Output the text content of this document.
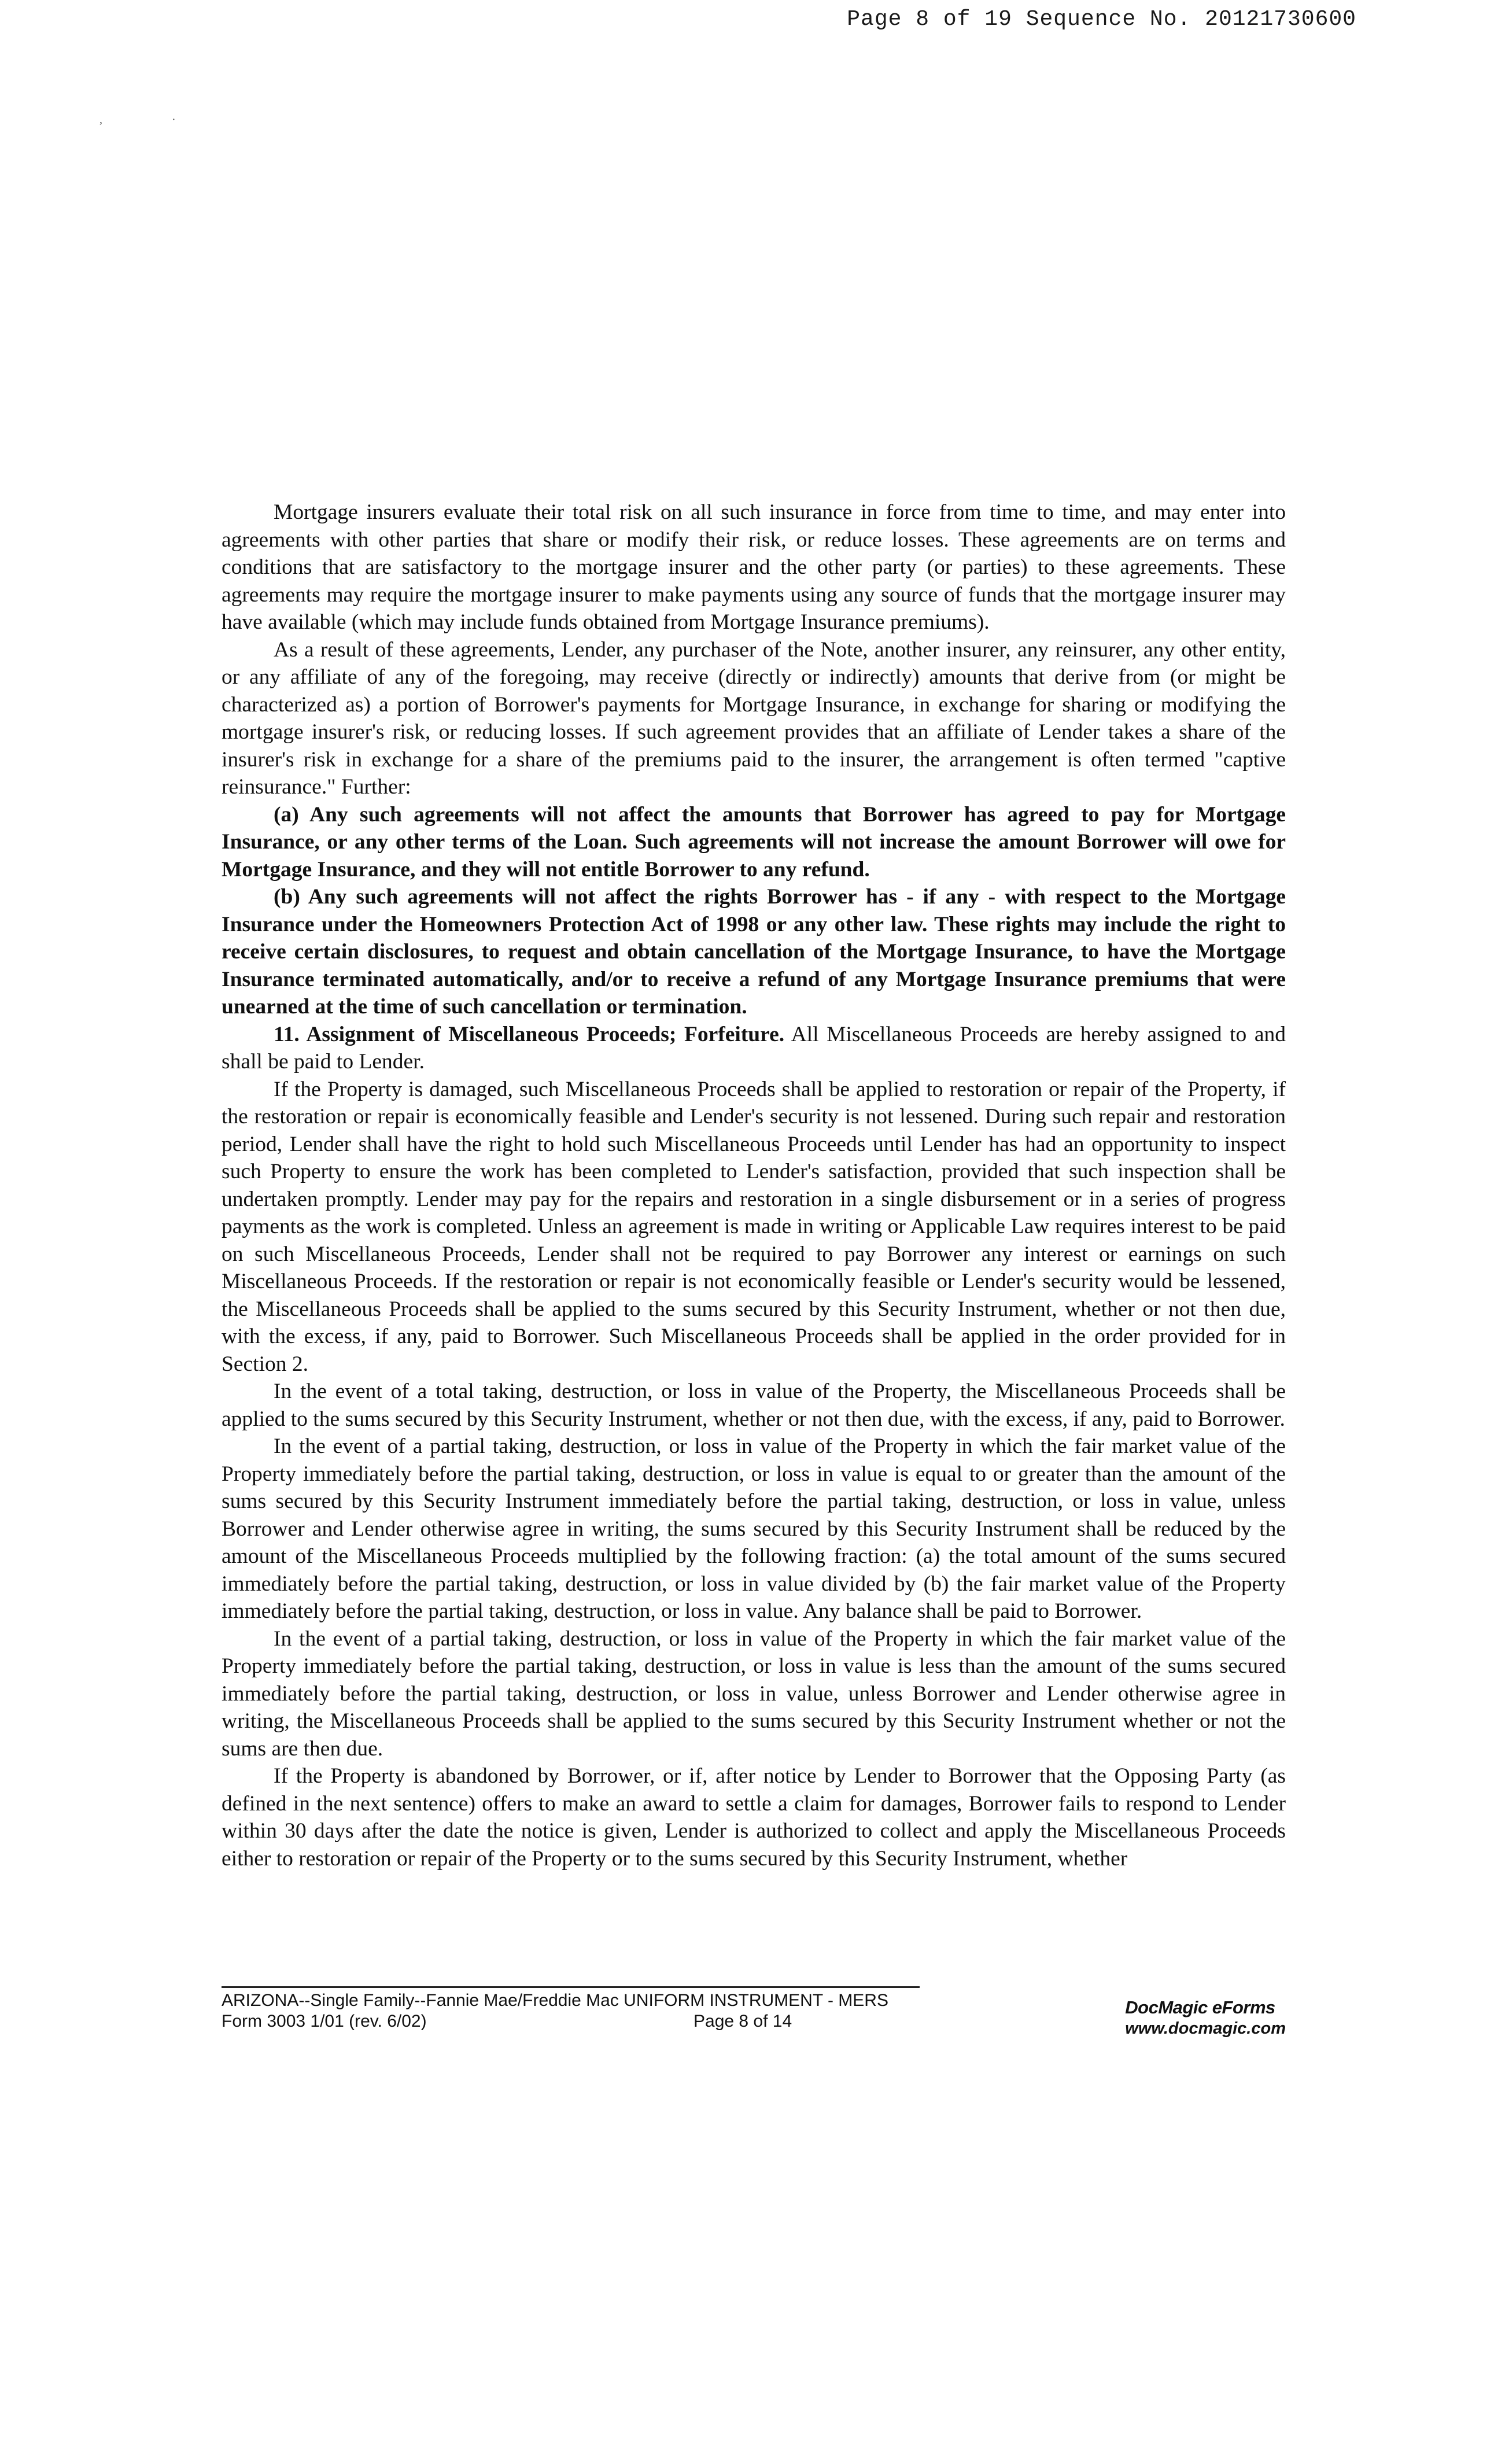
Page 8 of 19 Sequence No. 20121730600
,	·

Mortgage insurers evaluate their total risk on all such insurance in force from time to time, and may enter into agreements with other parties that share or modify their risk, or reduce losses. These agreements are on terms and conditions that are satisfactory to the mortgage insurer and the other party (or parties) to these agreements. These agreements may require the mortgage insurer to make payments using any source of funds that the mortgage insurer may have available (which may include funds obtained from Mortgage Insurance premiums).

As a result of these agreements, Lender, any purchaser of the Note, another insurer, any reinsurer, any other entity, or any affiliate of any of the foregoing, may receive (directly or indirectly) amounts that derive from (or might be characterized as) a portion of Borrower's payments for Mortgage Insurance, in exchange for sharing or modifying the mortgage insurer's risk, or reducing losses. If such agreement provides that an affiliate of Lender takes a share of the insurer's risk in exchange for a share of the premiums paid to the insurer, the arrangement is often termed "captive reinsurance." Further:

(a) Any such agreements will not affect the amounts that Borrower has agreed to pay for Mortgage Insurance, or any other terms of the Loan. Such agreements will not increase the amount Borrower will owe for Mortgage Insurance, and they will not entitle Borrower to any refund.

(b) Any such agreements will not affect the rights Borrower has - if any - with respect to the Mortgage Insurance under the Homeowners Protection Act of 1998 or any other law. These rights may include the right to receive certain disclosures, to request and obtain cancellation of the Mortgage Insurance, to have the Mortgage Insurance terminated automatically, and/or to receive a refund of any Mortgage Insurance premiums that were unearned at the time of such cancellation or termination.

11. Assignment of Miscellaneous Proceeds; Forfeiture. All Miscellaneous Proceeds are hereby assigned to and shall be paid to Lender.

If the Property is damaged, such Miscellaneous Proceeds shall be applied to restoration or repair of the Property, if the restoration or repair is economically feasible and Lender's security is not lessened. During such repair and restoration period, Lender shall have the right to hold such Miscellaneous Proceeds until Lender has had an opportunity to inspect such Property to ensure the work has been completed to Lender's satisfaction, provided that such inspection shall be undertaken promptly. Lender may pay for the repairs and restoration in a single disbursement or in a series of progress payments as the work is completed. Unless an agreement is made in writing or Applicable Law requires interest to be paid on such Miscellaneous Proceeds, Lender shall not be required to pay Borrower any interest or earnings on such Miscellaneous Proceeds. If the restoration or repair is not economically feasible or Lender's security would be lessened, the Miscellaneous Proceeds shall be applied to the sums secured by this Security Instrument, whether or not then due, with the excess, if any, paid to Borrower. Such Miscellaneous Proceeds shall be applied in the order provided for in Section 2.

In the event of a total taking, destruction, or loss in value of the Property, the Miscellaneous Proceeds shall be applied to the sums secured by this Security Instrument, whether or not then due, with the excess, if any, paid to Borrower.

In the event of a partial taking, destruction, or loss in value of the Property in which the fair market value of the Property immediately before the partial taking, destruction, or loss in value is equal to or greater than the amount of the sums secured by this Security Instrument immediately before the partial taking, destruction, or loss in value, unless Borrower and Lender otherwise agree in writing, the sums secured by this Security Instrument shall be reduced by the amount of the Miscellaneous Proceeds multiplied by the following fraction: (a) the total amount of the sums secured immediately before the partial taking, destruction, or loss in value divided by (b) the fair market value of the Property immediately before the partial taking, destruction, or loss in value. Any balance shall be paid to Borrower.

In the event of a partial taking, destruction, or loss in value of the Property in which the fair market value of the Property immediately before the partial taking, destruction, or loss in value is less than the amount of the sums secured immediately before the partial taking, destruction, or loss in value, unless Borrower and Lender otherwise agree in writing, the Miscellaneous Proceeds shall be applied to the sums secured by this Security Instrument whether or not the sums are then due.

If the Property is abandoned by Borrower, or if, after notice by Lender to Borrower that the Opposing Party (as defined in the next sentence) offers to make an award to settle a claim for damages, Borrower fails to respond to Lender within 30 days after the date the notice is given, Lender is authorized to collect and apply the Miscellaneous Proceeds either to restoration or repair of the Property or to the sums secured by this Security Instrument, whether

ARIZONA--Single Family--Fannie Mae/Freddie Mac UNIFORM INSTRUMENT - MERS
Form 3003 1/01 (rev. 6/02)	Page 8 of 14
DocMagic eForms
www.docmagic.com
